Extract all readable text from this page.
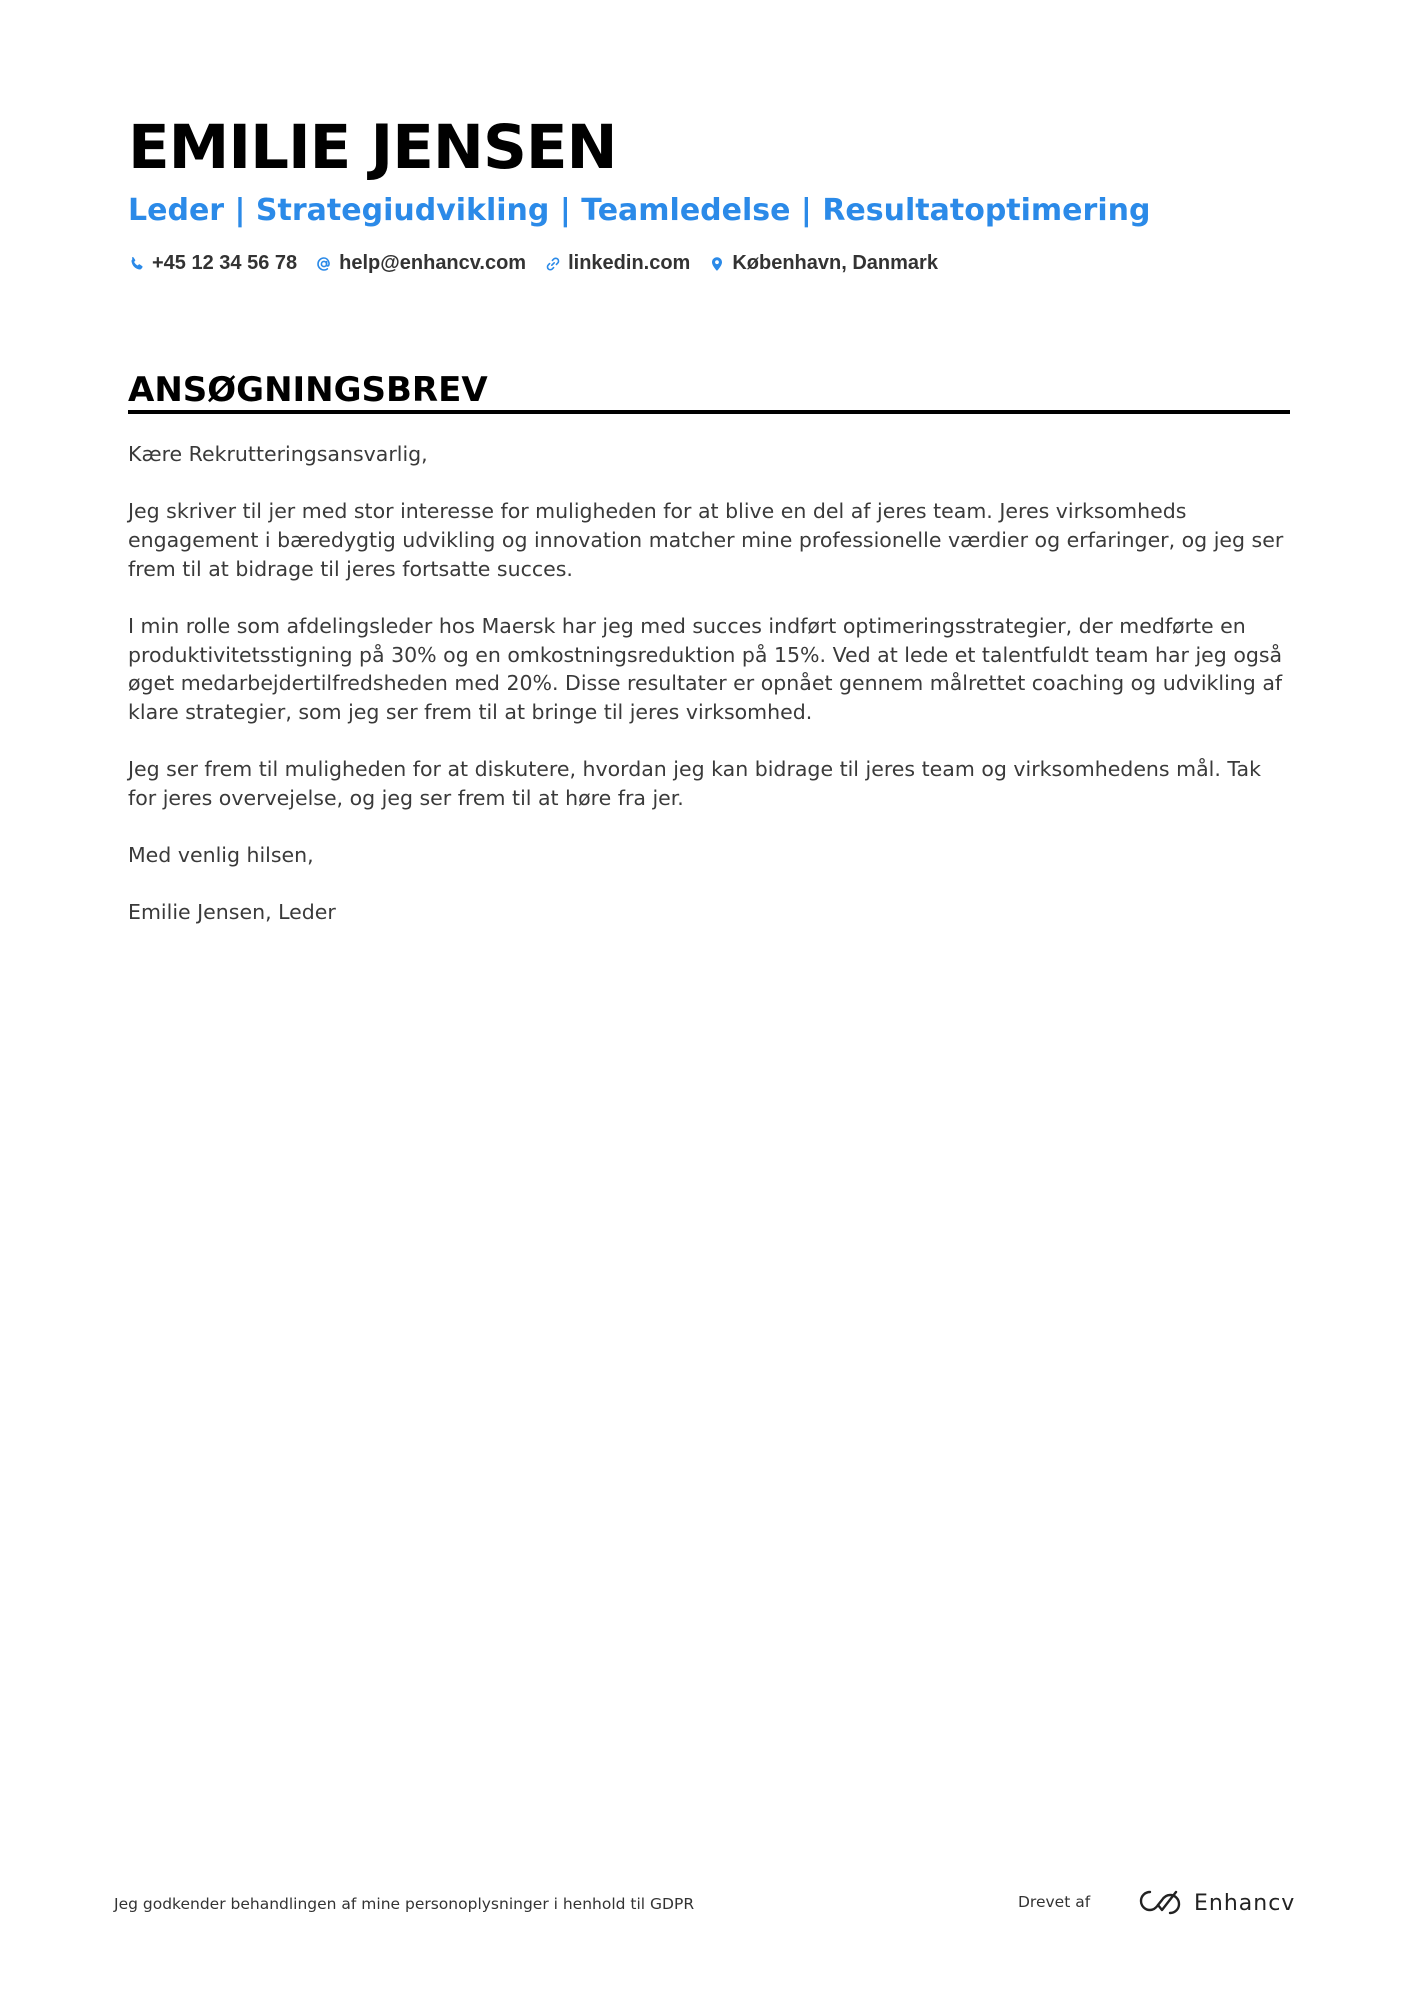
EMILIE JENSEN
Leder | Strategiudvikling | Teamledelse | Resultatoptimering
+45 12 34 56 78 help@enhancv.com linkedin.com København, Danmark
ANSØGNINGSBREV

Kære Rekrutteringsansvarlig,

Jeg skriver til jer med stor interesse for muligheden for at blive en del af jeres team. Jeres virksomheds engagement i bæredygtig udvikling og innovation matcher mine professionelle værdier og erfaringer, og jeg ser frem til at bidrage til jeres fortsatte succes.

I min rolle som afdelingsleder hos Maersk har jeg med succes indført optimeringsstrategier, der medførte en produktivitetsstigning på 30% og en omkostningsreduktion på 15%. Ved at lede et talentfuldt team har jeg også øget medarbejdertilfredsheden med 20%. Disse resultater er opnået gennem målrettet coaching og udvikling af klare strategier, som jeg ser frem til at bringe til jeres virksomhed.

Jeg ser frem til muligheden for at diskutere, hvordan jeg kan bidrage til jeres team og virksomhedens mål. Tak for jeres overvejelse, og jeg ser frem til at høre fra jer.

Med venlig hilsen,

Emilie Jensen, Leder

Jeg godkender behandlingen af mine personoplysninger i henhold til GDPR	Drevet af	Enhancv
